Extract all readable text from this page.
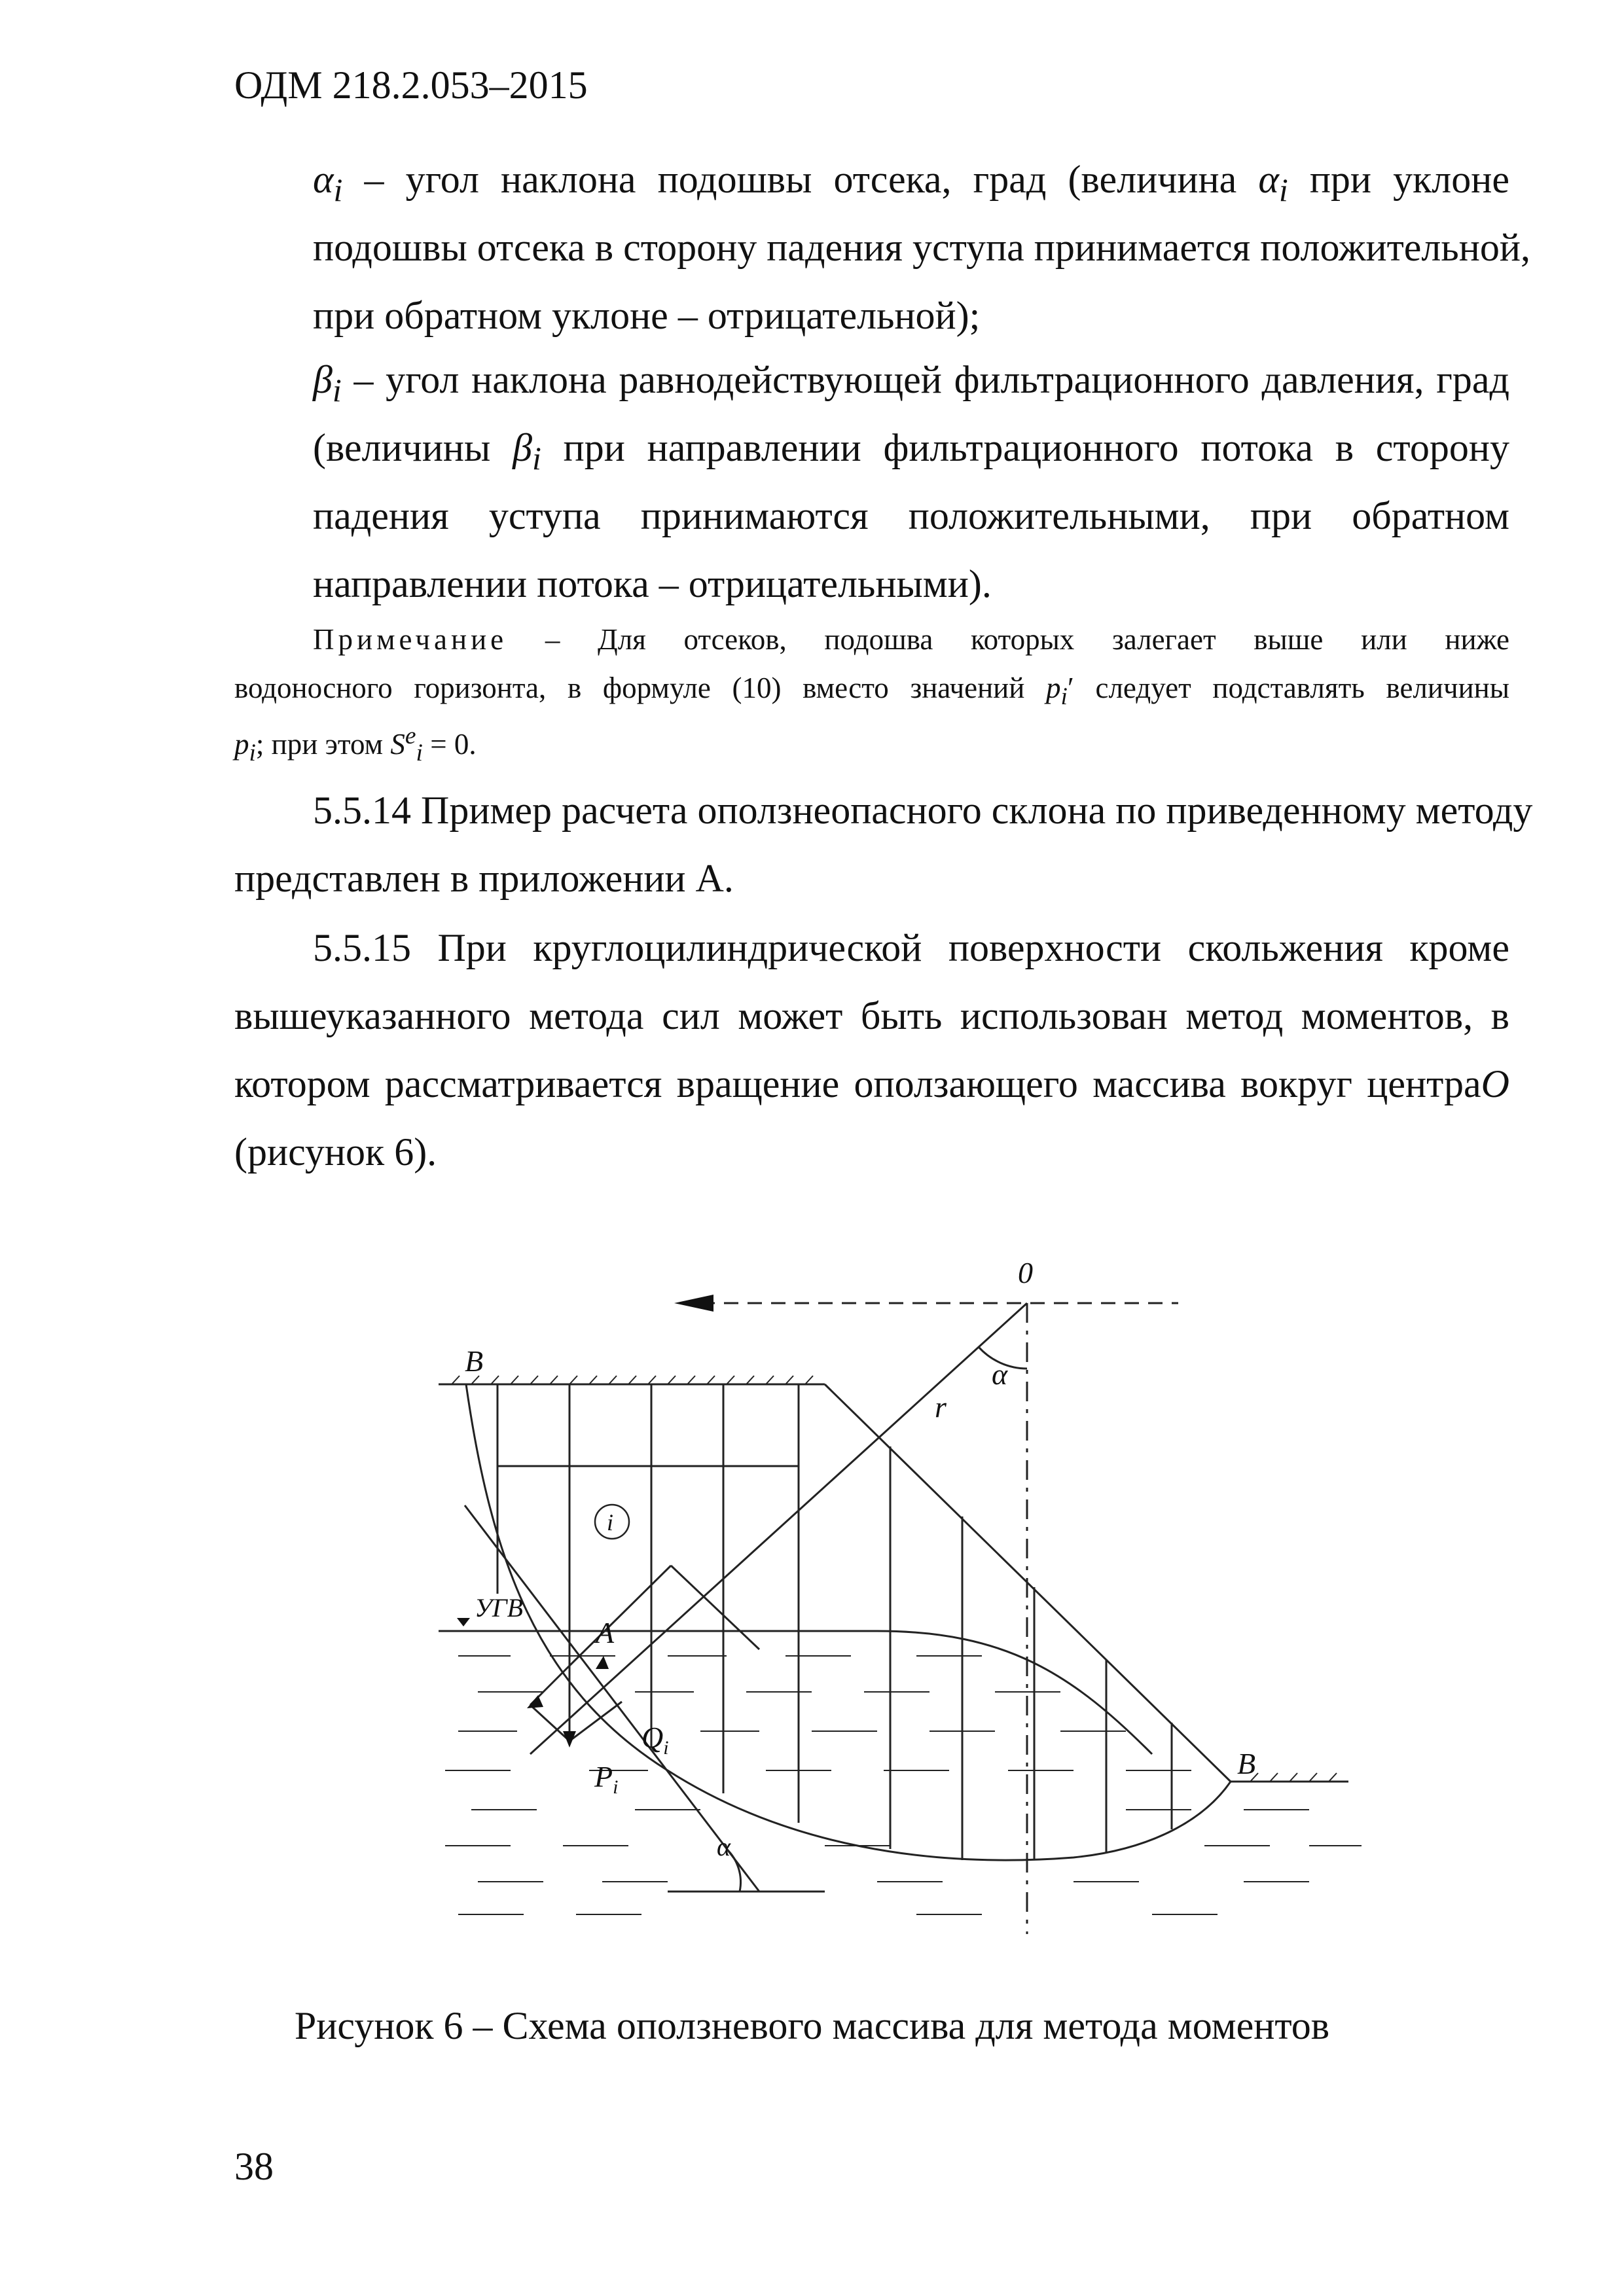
ОДМ 218.2.053–2015
$\alpha_i$ – угол наклона подошвы отсека, град (величина $\alpha_i$ при уклоне
подошвы отсека в сторону падения уступа принимается положительной,
при обратном уклоне – отрицательной);
$\beta_i$ – угол наклона равнодействующей фильтрационного давления, град
(величины $\beta_i$ при направлении фильтрационного потока в сторону
падения уступа принимаются положительными, при обратном
направлении потока – отрицательными).
Примечание – Для отсеков, подошва которых залегает выше или ниже
водоносного горизонта, в формуле (10) вместо значений $p_i'$ следует подставлять величины
$p_i$; при этом $S^e_i = 0$.
5.5.14 Пример расчета оползнеопасного склона по приведенному методу
представлен в приложении А.
5.5.15 При круглоцилиндрической поверхности скольжения кроме
вышеуказанного метода сил может быть использован метод моментов, в
котором рассматривается вращение оползающего массива вокруг центраО
(рисунок 6).
0
α
r
B
B
i
УГВ
A
$Q_i$
$P_i$
α
Рисунок 6 – Схема оползневого массива для метода моментов
38
